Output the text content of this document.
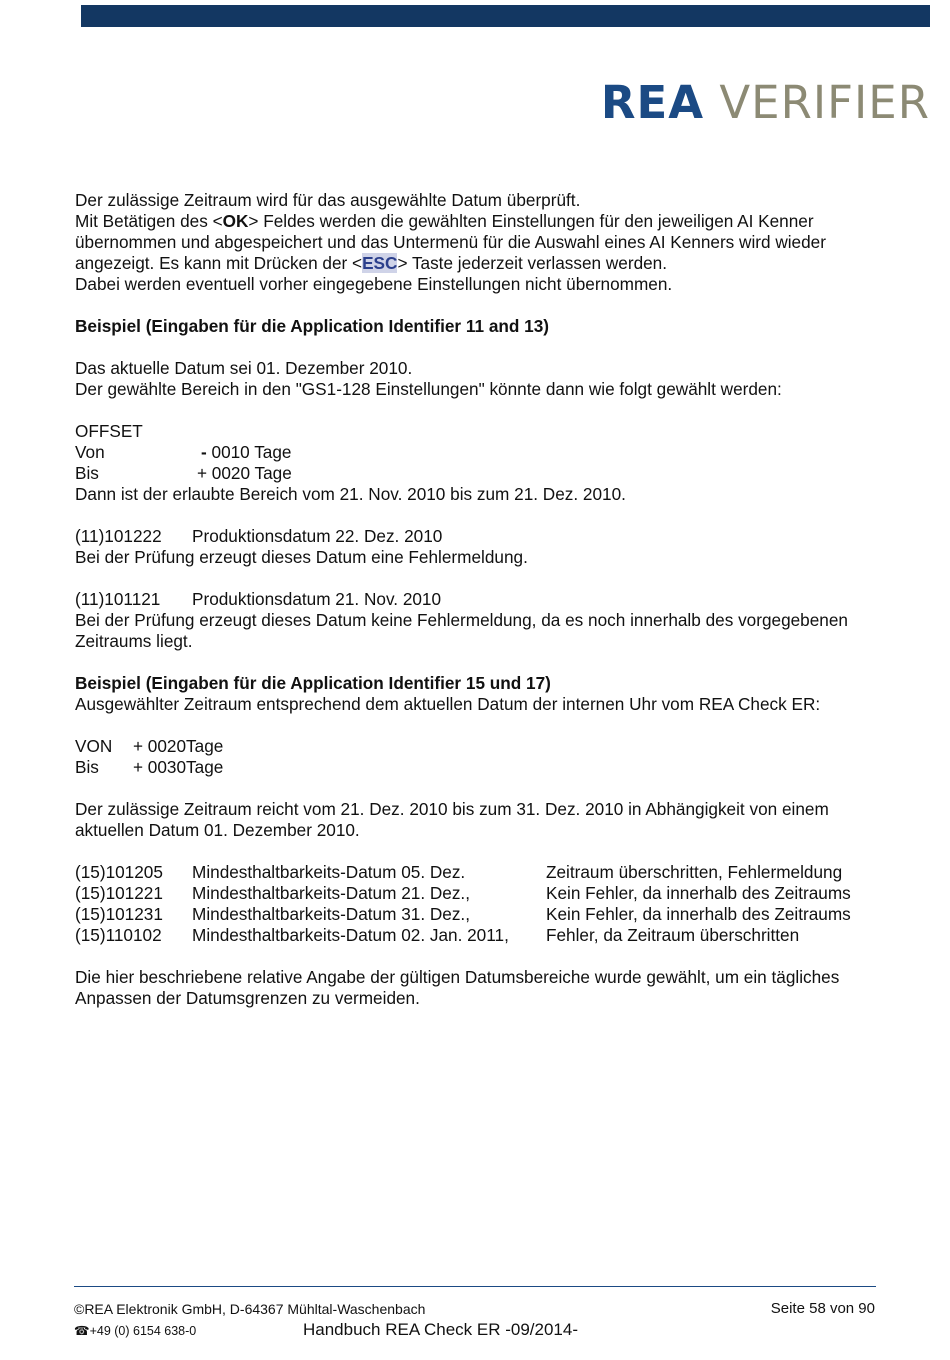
REA VERIFIER

Der zulässige Zeitraum wird für das ausgewählte Datum überprüft.

Mit Betätigen des <OK> Feldes werden die gewählten Einstellungen für den jeweiligen AI Kenner

übernommen und abgespeichert und das Untermenü für die Auswahl eines AI Kenners wird wieder

angezeigt. Es kann mit Drücken der <ESC> Taste jederzeit verlassen werden.

Dabei werden eventuell vorher eingegebene Einstellungen nicht übernommen.

Beispiel (Eingaben für die Application Identifier 11 and 13)

Das aktuelle Datum sei 01. Dezember 2010.

Der gewählte Bereich in den "GS1-128 Einstellungen" könnte dann wie folgt gewählt werden:

OFFSET

Von	- 0010 Tage
Bis	+ 0020 Tage

Dann ist der erlaubte Bereich vom 21. Nov. 2010 bis zum 21. Dez. 2010.

(11)101222	Produktionsdatum 22. Dez. 2010

Bei der Prüfung erzeugt dieses Datum eine Fehlermeldung.

(11)101121	Produktionsdatum 21. Nov. 2010

Bei der Prüfung erzeugt dieses Datum keine Fehlermeldung, da es noch innerhalb des vorgegebenen

Zeitraums liegt.

Beispiel (Eingaben für die Application Identifier 15 und 17)

Ausgewählter Zeitraum entsprechend dem aktuellen Datum der internen Uhr vom REA Check ER:

VON	+ 0020Tage
Bis	+ 0030Tage

Der zulässige Zeitraum reicht vom 21. Dez. 2010 bis zum 31. Dez. 2010 in Abhängigkeit von einem

aktuellen Datum 01. Dezember 2010.

(15)101205	Mindesthaltbarkeits-Datum 05. Dez.	Zeitraum überschritten, Fehlermeldung
(15)101221	Mindesthaltbarkeits-Datum 21. Dez.,	Kein Fehler, da innerhalb des Zeitraums
(15)101231	Mindesthaltbarkeits-Datum 31. Dez.,	Kein Fehler, da innerhalb des Zeitraums
(15)110102	Mindesthaltbarkeits-Datum 02. Jan. 2011,	Fehler, da Zeitraum überschritten

Die hier beschriebene relative Angabe der gültigen Datumsbereiche wurde gewählt, um ein tägliches

Anpassen der Datumsgrenzen zu vermeiden.

©REA Elektronik GmbH, D-64367 Mühltal-Waschenbach
☎+49 (0) 6154 638-0	Handbuch REA Check ER -09/2014-
Seite 58 von 90
